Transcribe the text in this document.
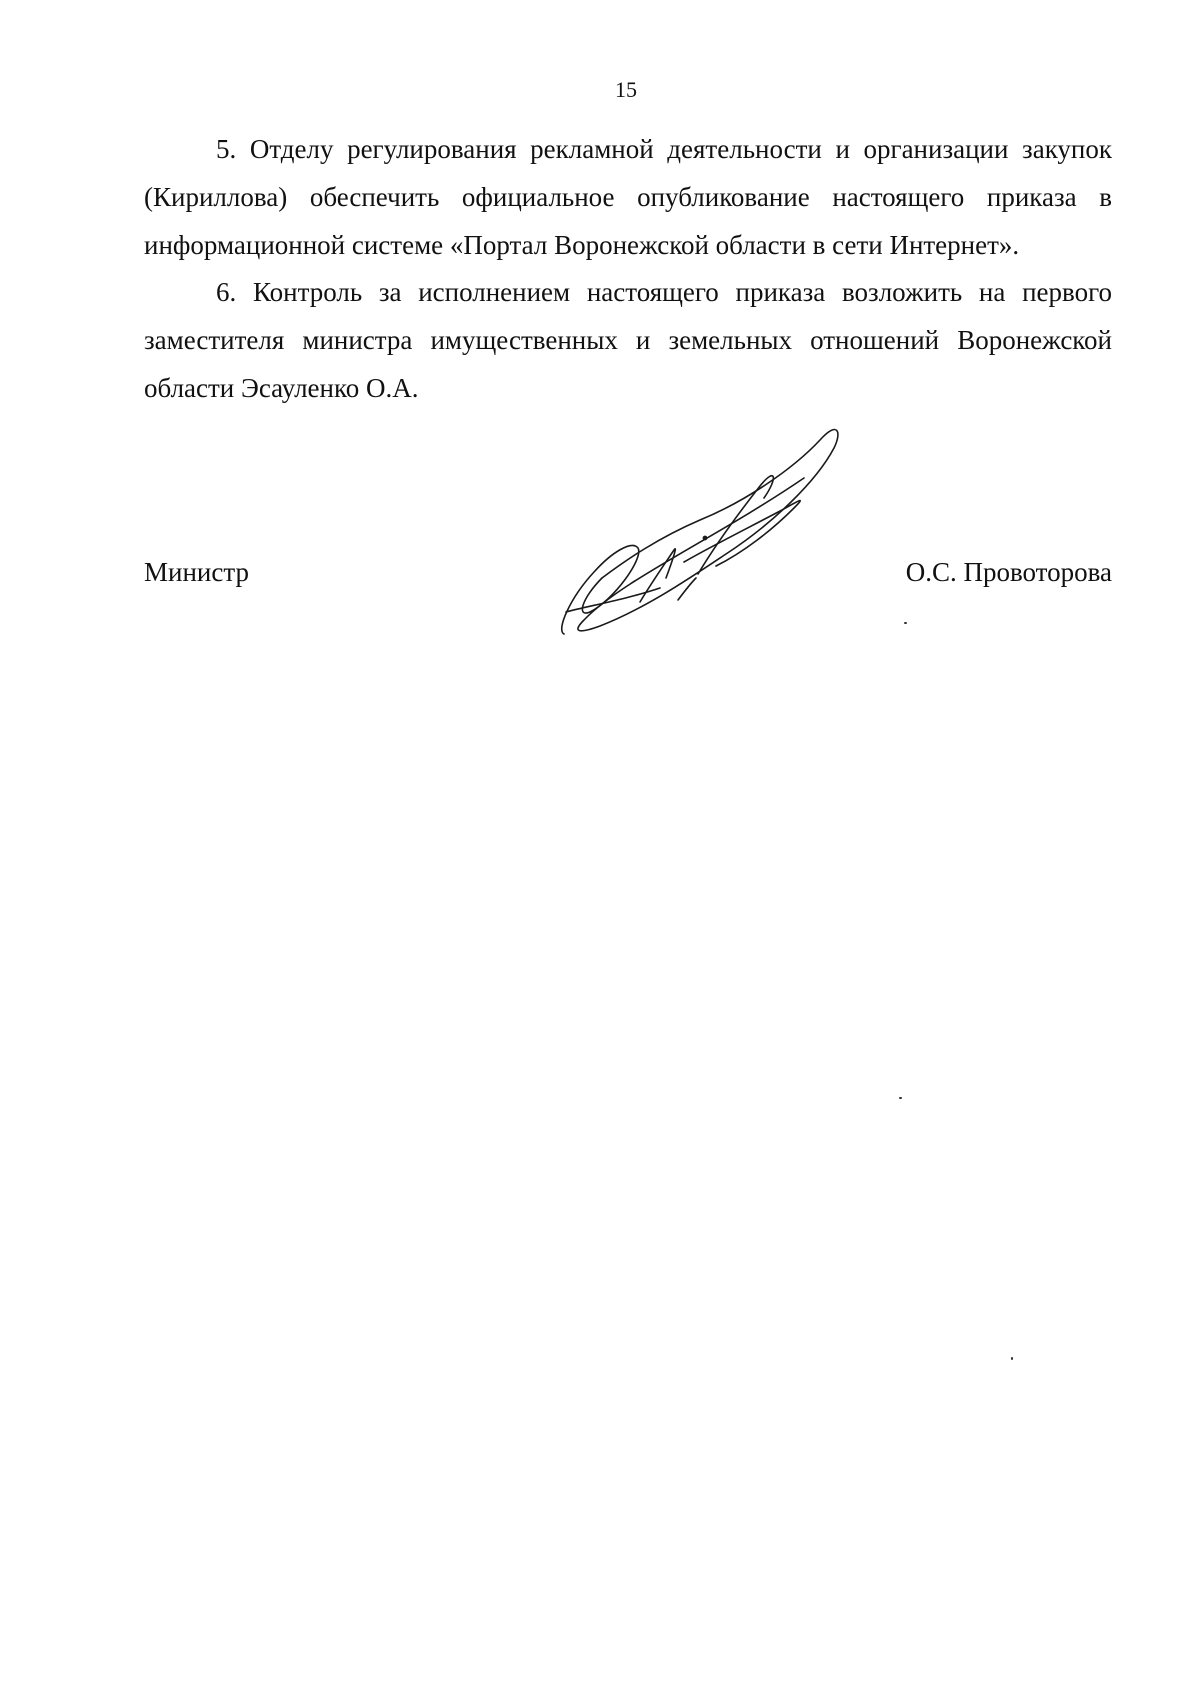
15

5. Отделу регулирования рекламной деятельности и организации закупок (Кириллова) обеспечить официальное опубликование настоящего приказа в информационной системе «Портал Воронежской области в сети Интернет».

6. Контроль за исполнением настоящего приказа возложить на первого заместителя министра имущественных и земельных отношений Воронежской области Эсауленко О.А.

Министр	О.С. Провоторова
